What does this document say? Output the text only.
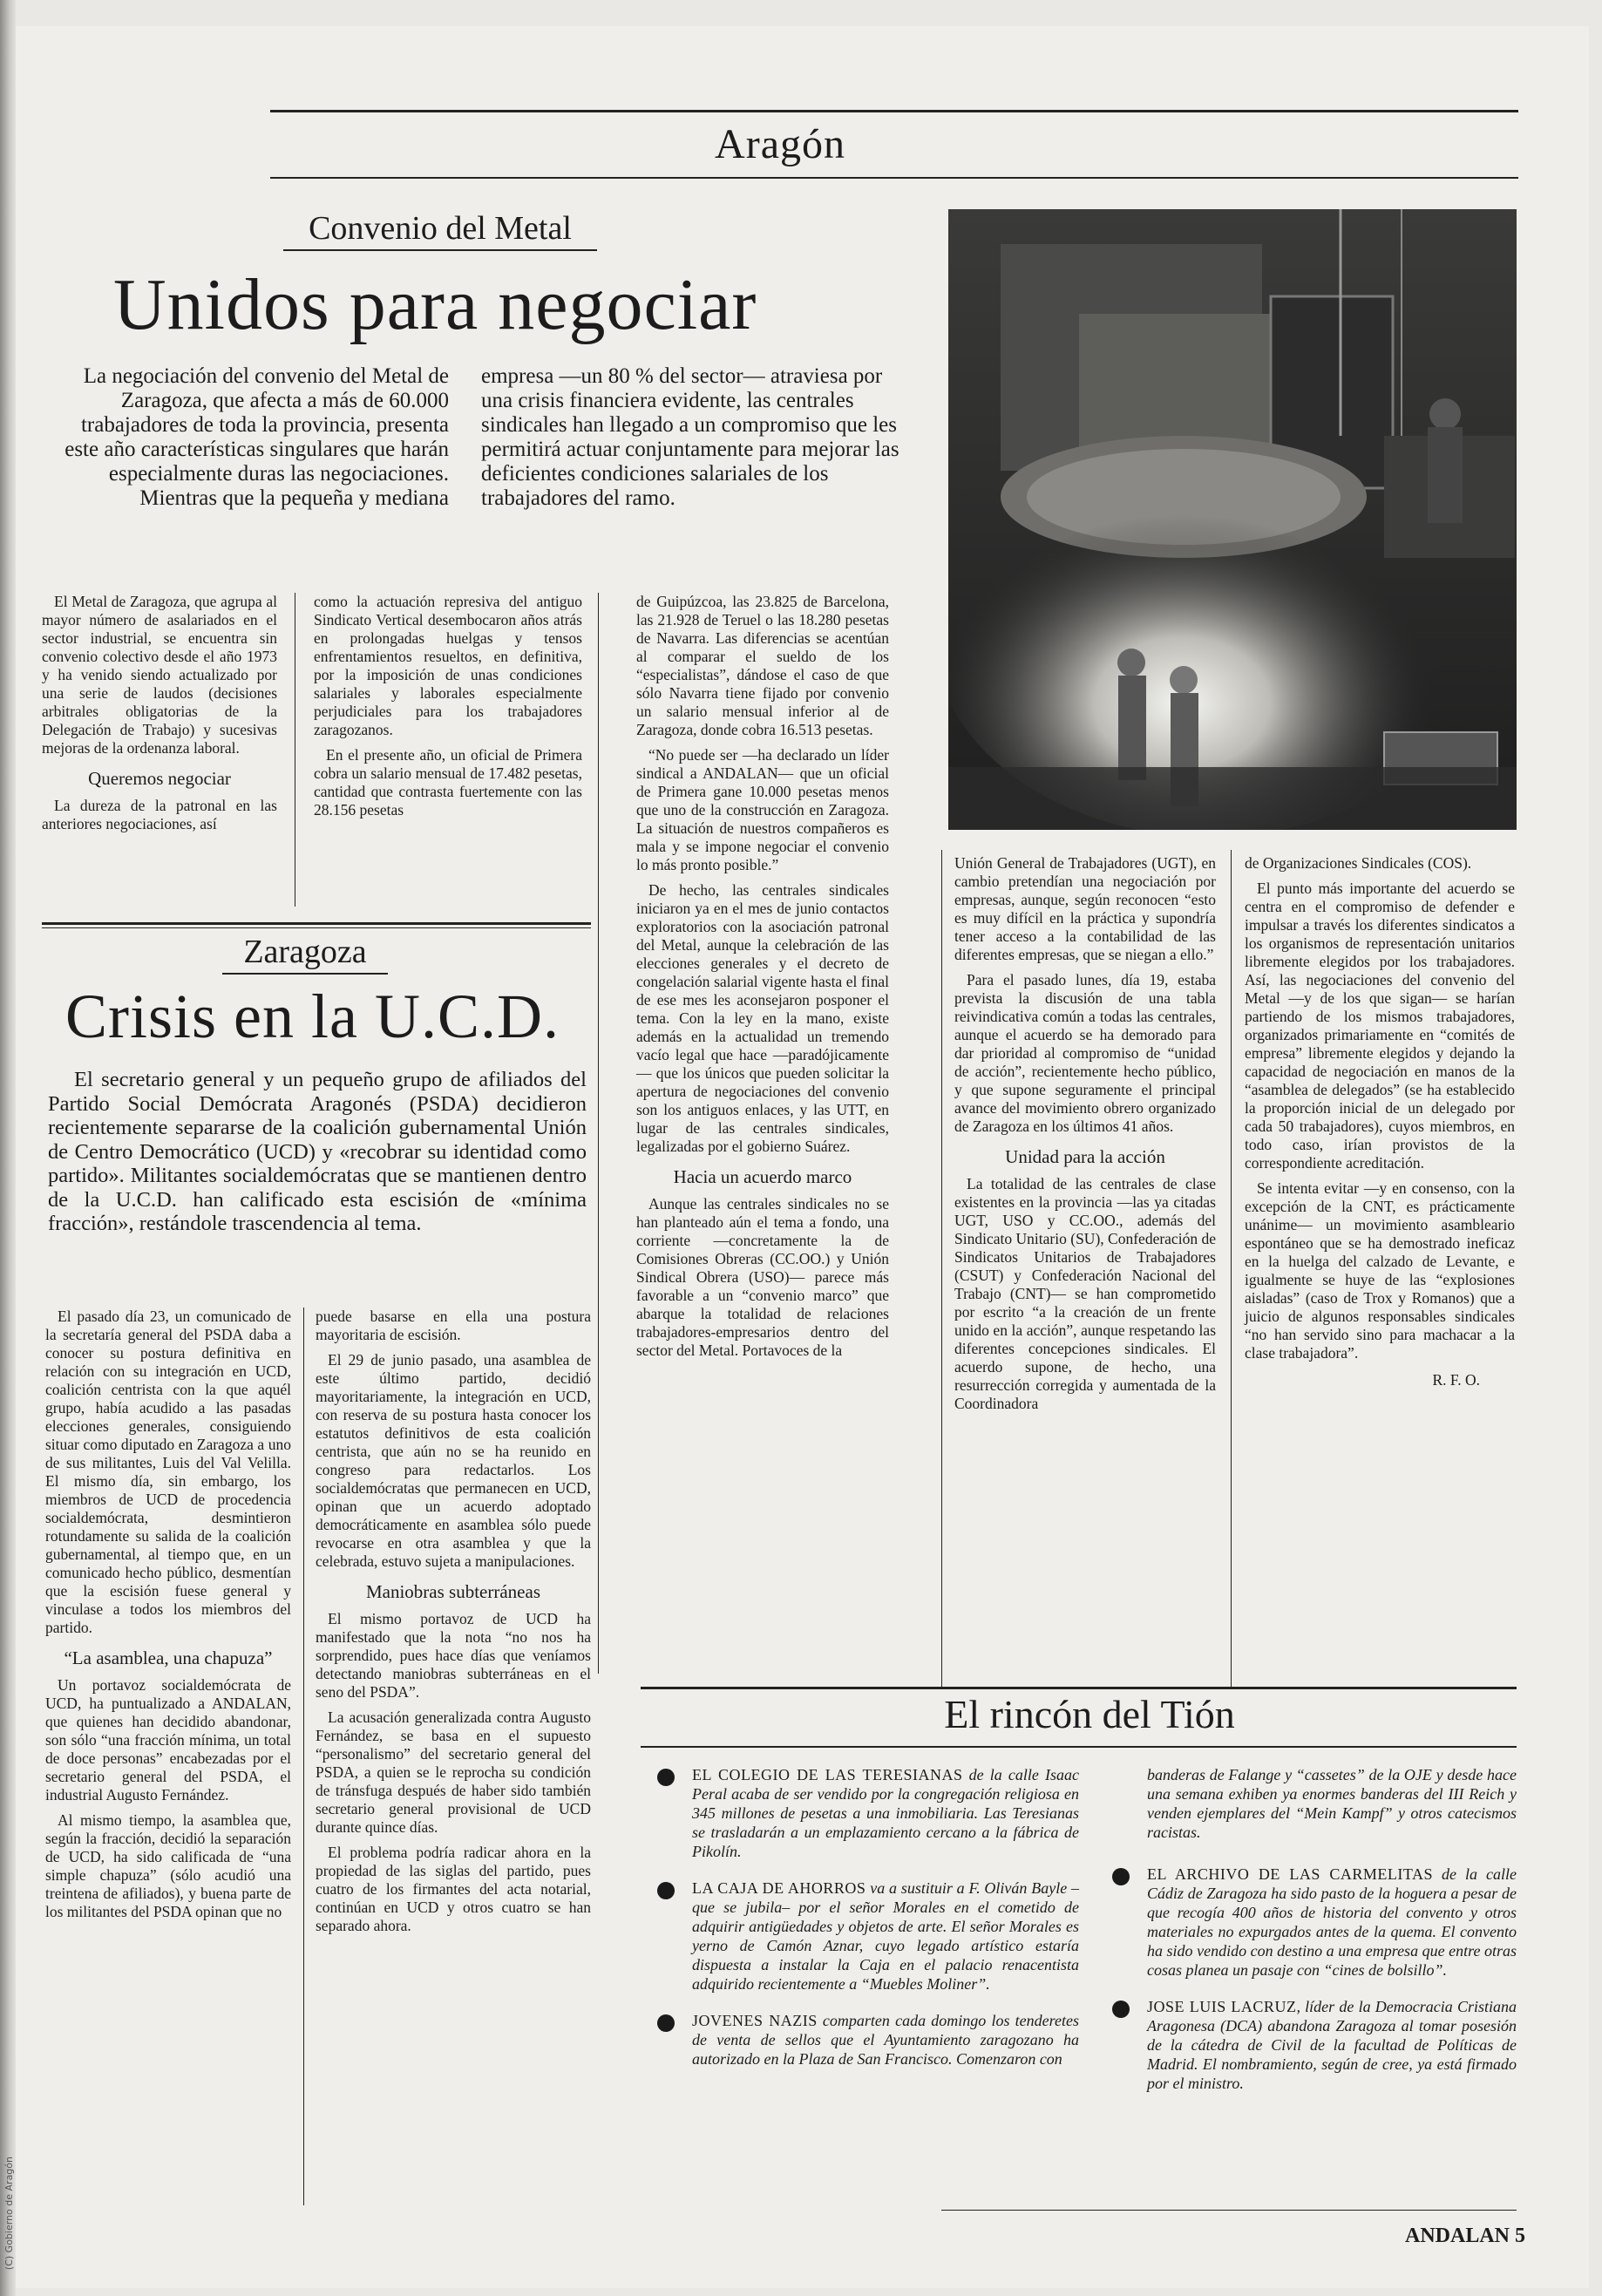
(C) Gobierno de Aragón
Aragón
Convenio del Metal
Unidos para negociar
La negociación del convenio del Metal de Zaragoza, que afecta a más de 60.000 trabajadores de toda la provincia, presenta este año características singulares que harán especialmente duras las negociaciones. Mientras que la pequeña y mediana
empresa —un 80 % del sector— atraviesa por una crisis financiera evidente, las centrales sindicales han llegado a un compromiso que les permitirá actuar conjuntamente para mejorar las deficientes condiciones salariales de los trabajadores del ramo.

El Metal de Zaragoza, que agrupa al mayor número de asalariados en el sector industrial, se encuentra sin convenio colectivo desde el año 1973 y ha venido siendo actualizado por una serie de laudos (decisiones arbitrales obligatorias de la Delegación de Trabajo) y sucesivas mejoras de la ordenanza laboral.

Queremos negociar

La dureza de la patronal en las anteriores negociaciones, así

como la actuación represiva del antiguo Sindicato Vertical desembocaron años atrás en prolongadas huelgas y tensos enfrentamientos resueltos, en definitiva, por la imposición de unas condiciones salariales y laborales especialmente perjudiciales para los trabajadores zaragozanos.

En el presente año, un oficial de Primera cobra un salario mensual de 17.482 pesetas, cantidad que contrasta fuertemente con las 28.156 pesetas

de Guipúzcoa, las 23.825 de Barcelona, las 21.928 de Teruel o las 18.280 pesetas de Navarra. Las diferencias se acentúan al comparar el sueldo de los “especialistas”, dándose el caso de que sólo Navarra tiene fijado por convenio un salario mensual inferior al de Zaragoza, donde cobra 16.513 pesetas.

“No puede ser —ha declarado un líder sindical a ANDALAN— que un oficial de Primera gane 10.000 pesetas menos que uno de la construcción en Zaragoza. La situación de nuestros compañeros es mala y se impone negociar el convenio lo más pronto posible.”

De hecho, las centrales sindicales iniciaron ya en el mes de junio contactos exploratorios con la asociación patronal del Metal, aunque la celebración de las elecciones generales y el decreto de congelación salarial vigente hasta el final de ese mes les aconsejaron posponer el tema. Con la ley en la mano, existe además en la actualidad un tremendo vacío legal que hace —paradójicamente— que los únicos que pueden solicitar la apertura de negociaciones del convenio son los antiguos enlaces, y las UTT, en lugar de las centrales sindicales, legalizadas por el gobierno Suárez.

Hacia un acuerdo marco

Aunque las centrales sindicales no se han planteado aún el tema a fondo, una corriente —concretamente la de Comisiones Obreras (CC.OO.) y Unión Sindical Obrera (USO)— parece más favorable a un “convenio marco” que abarque la totalidad de relaciones trabajadores-empresarios dentro del sector del Metal. Portavoces de la

Unión General de Trabajadores (UGT), en cambio pretendían una negociación por empresas, aunque, según reconocen “esto es muy difícil en la práctica y supondría tener acceso a la contabilidad de las diferentes empresas, que se niegan a ello.”

Para el pasado lunes, día 19, estaba prevista la discusión de una tabla reivindicativa común a todas las centrales, aunque el acuerdo se ha demorado para dar prioridad al compromiso de “unidad de acción”, recientemente hecho público, y que supone seguramente el principal avance del movimiento obrero organizado de Zaragoza en los últimos 41 años.

Unidad para la acción

La totalidad de las centrales de clase existentes en la provincia —las ya citadas UGT, USO y CC.OO., además del Sindicato Unitario (SU), Confederación de Sindicatos Unitarios de Trabajadores (CSUT) y Confederación Nacional del Trabajo (CNT)— se han comprometido por escrito “a la creación de un frente unido en la acción”, aunque respetando las diferentes concepciones sindicales. El acuerdo supone, de hecho, una resurrección corregida y aumentada de la Coordinadora

de Organizaciones Sindicales (COS).

El punto más importante del acuerdo se centra en el compromiso de defender e impulsar a través los diferentes sindicatos a los organismos de representación unitarios libremente elegidos por los trabajadores. Así, las negociaciones del convenio del Metal —y de los que sigan— se harían partiendo de los mismos trabajadores, organizados primariamente en “comités de empresa” libremente elegidos y dejando la capacidad de negociación en manos de la “asamblea de delegados” (se ha establecido la proporción inicial de un delegado por cada 50 trabajadores), cuyos miembros, en todo caso, irían provistos de la correspondiente acreditación.

Se intenta evitar —y en consenso, con la excepción de la CNT, es prácticamente unánime— un movimiento asambleario espontáneo que se ha demostrado ineficaz en la huelga del calzado de Levante, e igualmente se huye de las “explosiones aisladas” (caso de Trox y Romanos) que a juicio de algunos responsables sindicales “no han servido sino para machacar a la clase trabajadora”.

R. F. O.

Zaragoza
Crisis en la U.C.D.
El secretario general y un pequeño grupo de afiliados del Partido Social Demócrata Aragonés (PSDA) decidieron recientemente separarse de la coalición gubernamental Unión de Centro Democrático (UCD) y «recobrar su identidad como partido». Militantes socialdemócratas que se mantienen dentro de la U.C.D. han calificado esta escisión de «mínima fracción», restándole trascendencia al tema.

El pasado día 23, un comunicado de la secretaría general del PSDA daba a conocer su postura definitiva en relación con su integración en UCD, coalición centrista con la que aquél grupo, había acudido a las pasadas elecciones generales, consiguiendo situar como diputado en Zaragoza a uno de sus militantes, Luis del Val Velilla. El mismo día, sin embargo, los miembros de UCD de procedencia socialdemócrata, desmintieron rotundamente su salida de la coalición gubernamental, al tiempo que, en un comunicado hecho público, desmentían que la escisión fuese general y vinculase a todos los miembros del partido.

“La asamblea, una chapuza”

Un portavoz socialdemócrata de UCD, ha puntualizado a ANDALAN, que quienes han decidido abandonar, son sólo “una fracción mínima, un total de doce personas” encabezadas por el secretario general del PSDA, el industrial Augusto Fernández.

Al mismo tiempo, la asamblea que, según la fracción, decidió la separación de UCD, ha sido calificada de “una simple chapuza” (sólo acudió una treintena de afiliados), y buena parte de los militantes del PSDA opinan que no

puede basarse en ella una postura mayoritaria de escisión.

El 29 de junio pasado, una asamblea de este último partido, decidió mayoritariamente, la integración en UCD, con reserva de su postura hasta conocer los estatutos definitivos de esta coalición centrista, que aún no se ha reunido en congreso para redactarlos. Los socialdemócratas que permanecen en UCD, opinan que un acuerdo adoptado democráticamente en asamblea sólo puede revocarse en otra asamblea y que la celebrada, estuvo sujeta a manipulaciones.

Maniobras subterráneas

El mismo portavoz de UCD ha manifestado que la nota “no nos ha sorprendido, pues hace días que veníamos detectando maniobras subterráneas en el seno del PSDA”.

La acusación generalizada contra Augusto Fernández, se basa en el supuesto “personalismo” del secretario general del PSDA, a quien se le reprocha su condición de tránsfuga después de haber sido también secretario general provisional de UCD durante quince días.

El problema podría radicar ahora en la propiedad de las siglas del partido, pues cuatro de los firmantes del acta notarial, continúan en UCD y otros cuatro se han separado ahora.

El rincón del Tión
EL COLEGIO DE LAS TERESIANAS de la calle Isaac Peral acaba de ser vendido por la congregación religiosa en 345 millones de pesetas a una inmobiliaria. Las Teresianas se trasladarán a un emplazamiento cercano a la fábrica de Pikolín.
LA CAJA DE AHORROS va a sustituir a F. Oliván Bayle –que se jubila– por el señor Morales en el cometido de adquirir antigüedades y objetos de arte. El señor Morales es yerno de Camón Aznar, cuyo legado artístico estaría dispuesta a instalar la Caja en el palacio renacentista adquirido recientemente a “Muebles Moliner”.
JOVENES NAZIS comparten cada domingo los tenderetes de venta de sellos que el Ayuntamiento zaragozano ha autorizado en la Plaza de San Francisco. Comenzaron con
banderas de Falange y “cassetes” de la OJE y desde hace una semana exhiben ya enormes banderas del III Reich y venden ejemplares del “Mein Kampf” y otros catecismos racistas.
EL ARCHIVO DE LAS CARMELITAS de la calle Cádiz de Zaragoza ha sido pasto de la hoguera a pesar de que recogía 400 años de historia del convento y otros materiales no expurgados antes de la quema. El convento ha sido vendido con destino a una empresa que entre otras cosas planea un pasaje con “cines de bolsillo”.
JOSE LUIS LACRUZ, líder de la Democracia Cristiana Aragonesa (DCA) abandona Zaragoza al tomar posesión de la cátedra de Civil de la facultad de Políticas de Madrid. El nombramiento, según de cree, ya está firmado por el ministro.
ANDALAN 5
